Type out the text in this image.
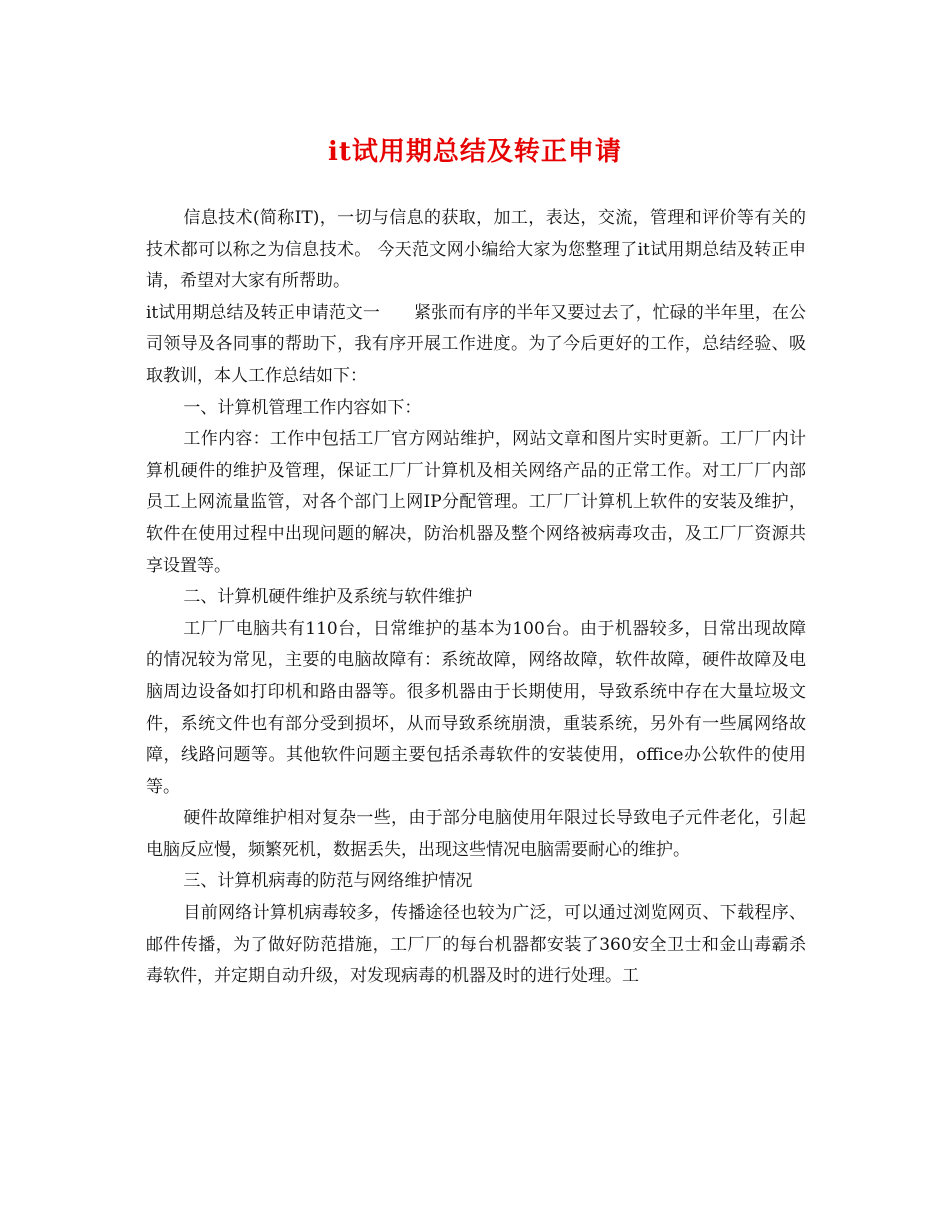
it试用期总结及转正申请

信息技术(简称IT)，一切与信息的获取，加工，表达，交流，管理和评价等有关的技术都可以称之为信息技术。 今天范文网小编给大家为您整理了it试用期总结及转正申请，希望对大家有所帮助。

it试用期总结及转正申请范文一　　紧张而有序的半年又要过去了，忙碌的半年里，在公司领导及各同事的帮助下，我有序开展工作进度。为了今后更好的工作，总结经验、吸取教训，本人工作总结如下：

一、计算机管理工作内容如下：

工作内容：工作中包括工厂官方网站维护，网站文章和图片实时更新。工厂厂内计算机硬件的维护及管理，保证工厂厂计算机及相关网络产品的正常工作。对工厂厂内部员工上网流量监管，对各个部门上网IP分配管理。工厂厂计算机上软件的安装及维护，软件在使用过程中出现问题的解决，防治机器及整个网络被病毒攻击，及工厂厂资源共享设置等。

二、计算机硬件维护及系统与软件维护

工厂厂电脑共有110台，日常维护的基本为100台。由于机器较多，日常出现故障的情况较为常见，主要的电脑故障有：系统故障，网络故障，软件故障，硬件故障及电脑周边设备如打印机和路由器等。很多机器由于长期使用，导致系统中存在大量垃圾文件，系统文件也有部分受到损坏，从而导致系统崩溃，重装系统，另外有一些属网络故障，线路问题等。其他软件问题主要包括杀毒软件的安装使用，office办公软件的使用等。

硬件故障维护相对复杂一些，由于部分电脑使用年限过长导致电子元件老化，引起电脑反应慢，频繁死机，数据丢失，出现这些情况电脑需要耐心的维护。

三、计算机病毒的防范与网络维护情况

目前网络计算机病毒较多，传播途径也较为广泛，可以通过浏览网页、下载程序、邮件传播，为了做好防范措施，工厂厂的每台机器都安装了360安全卫士和金山毒霸杀毒软件，并定期自动升级，对发现病毒的机器及时的进行处理。工
